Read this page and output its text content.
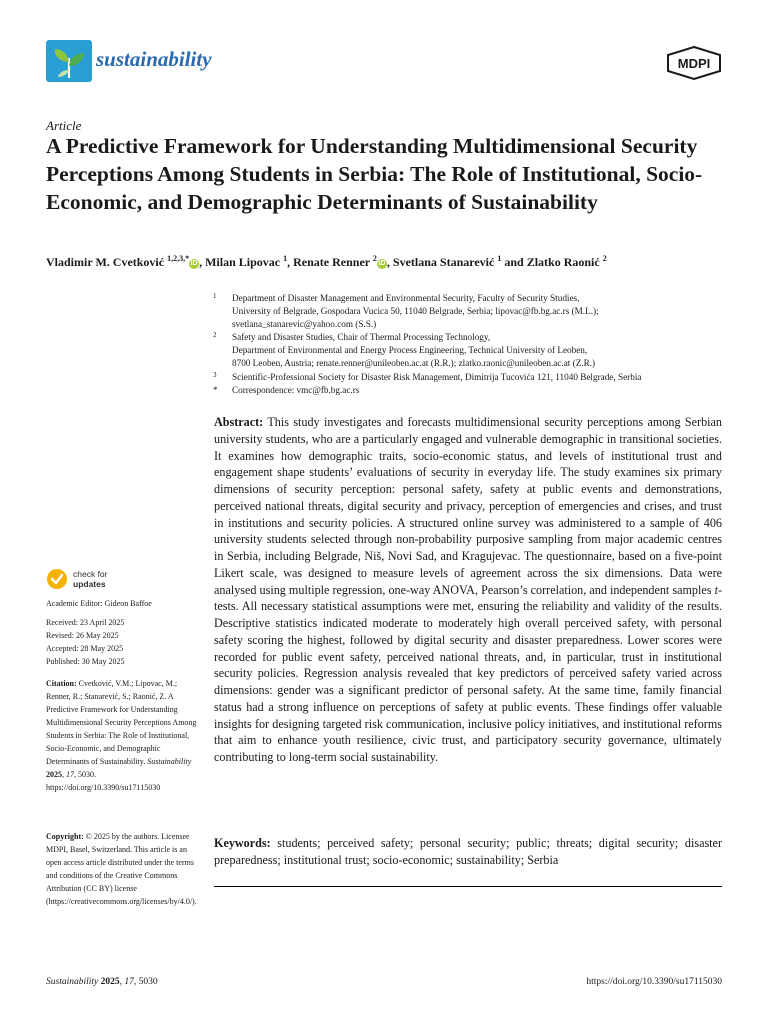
sustainability	MDPI
Article
A Predictive Framework for Understanding Multidimensional Security Perceptions Among Students in Serbia: The Role of Institutional, Socio-Economic, and Demographic Determinants of Sustainability
Vladimir M. Cvetković $^{1,2,3,*}$iD , Milan Lipovac $^1$, Renate Renner $^2$iD , Svetlana Stanarević $^1$ and Zlatko Raonić $^2$
1 Department of Disaster Management and Environmental Security, Faculty of Security Studies,
University of Belgrade, Gospodara Vucica 50, 11040 Belgrade, Serbia; lipovac@fb.bg.ac.rs (M.L.);
svetlana_stanarevic@yahoo.com (S.S.)
2 Safety and Disaster Studies, Chair of Thermal Processing Technology,
Department of Environmental and Energy Process Engineering, Technical University of Leoben,
8700 Leoben, Austria; renate.renner@unileoben.ac.at (R.R.); zlatko.raonic@unileoben.ac.at (Z.R.)
3 Scientific-Professional Society for Disaster Risk Management, Dimitrija Tucovića 121, 11040 Belgrade, Serbia
* Correspondence: vmc@fb.bg.ac.rs
check for
updates
Academic Editor: Gideon Baffoe
Received: 23 April 2025
Revised: 26 May 2025
Accepted: 28 May 2025
Published: 30 May 2025
Citation: Cvetković, V.M.; Lipovac, M.; Renner, R.; Stanarević, S.; Raonić, Z. A Predictive Framework for Understanding Multidimensional Security Perceptions Among Students in Serbia: The Role of Institutional, Socio-Economic, and Demographic Determinants of Sustainability. Sustainability 2025, 17, 5030. https://doi.org/10.3390/su17115030
Copyright: © 2025 by the authors. Licensee MDPI, Basel, Switzerland. This article is an open access article distributed under the terms and conditions of the Creative Commons Attribution (CC BY) license (https://creativecommons.org/licenses/by/4.0/).
Abstract: This study investigates and forecasts multidimensional security perceptions among Serbian university students, who are a particularly engaged and vulnerable demographic in transitional societies. It examines how demographic traits, socio-economic status, and levels of institutional trust and engagement shape students’ evaluations of security in everyday life. The study examines six primary dimensions of security perception: personal safety, safety at public events and demonstrations, perceived national threats, digital security and privacy, perception of emergencies and crises, and trust in institutions and security policies. A structured online survey was administered to a sample of 406 university students selected through non-probability purposive sampling from major academic centres in Serbia, including Belgrade, Niš, Novi Sad, and Kragujevac. The questionnaire, based on a five-point Likert scale, was designed to measure levels of agreement across the six dimensions. Data were analysed using multiple regression, one-way ANOVA, Pearson’s correlation, and independent samples t-tests. All necessary statistical assumptions were met, ensuring the reliability and validity of the results. Descriptive statistics indicated moderate to moderately high overall perceived safety, with personal safety scoring the highest, followed by digital security and disaster preparedness. Lower scores were recorded for public event safety, perceived national threats, and, in particular, trust in institutional security policies. Regression analysis revealed that key predictors of perceived safety varied across dimensions: gender was a significant predictor of personal safety. At the same time, family financial status had a strong influence on perceptions of safety at public events. These findings offer valuable insights for designing targeted risk communication, inclusive policy initiatives, and institutional reforms that aim to enhance youth resilience, civic trust, and participatory security governance, ultimately contributing to long-term social sustainability.
Keywords: students; perceived safety; personal security; public; threats; digital security; disaster preparedness; institutional trust; socio-economic; sustainability; Serbia
Sustainability 2025, 17, 5030	https://doi.org/10.3390/su17115030
